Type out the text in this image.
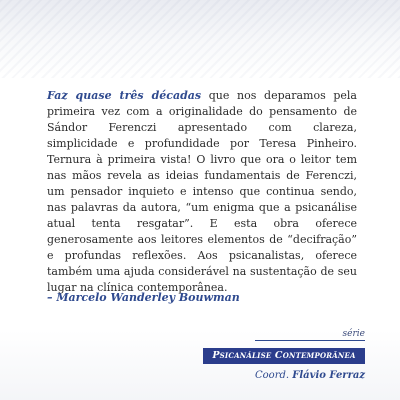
Faz quase três décadas que nos deparamos pela primeira vez com a originalidade do pensamento de Sándor Ferenczi apresentado com clareza, simplicidade e profundidade por Teresa Pinheiro. Ternura à primeira vista! O livro que ora o leitor tem nas mãos revela as ideias fundamentais de Ferenczi, um pensador inquieto e intenso que continua sendo, nas palavras da autora, “um enigma que a psicanálise atual tenta resgatar”. E esta obra oferece generosamente aos leitores elementos de “decifração” e profundas reflexões. Aos psicanalistas, oferece também uma ajuda considerável na sustentação de seu lugar na clínica contemporânea.

– Marcelo Wanderley Bouwman

série
Psicanálise Contemporânea
Coord. Flávio Ferraz
